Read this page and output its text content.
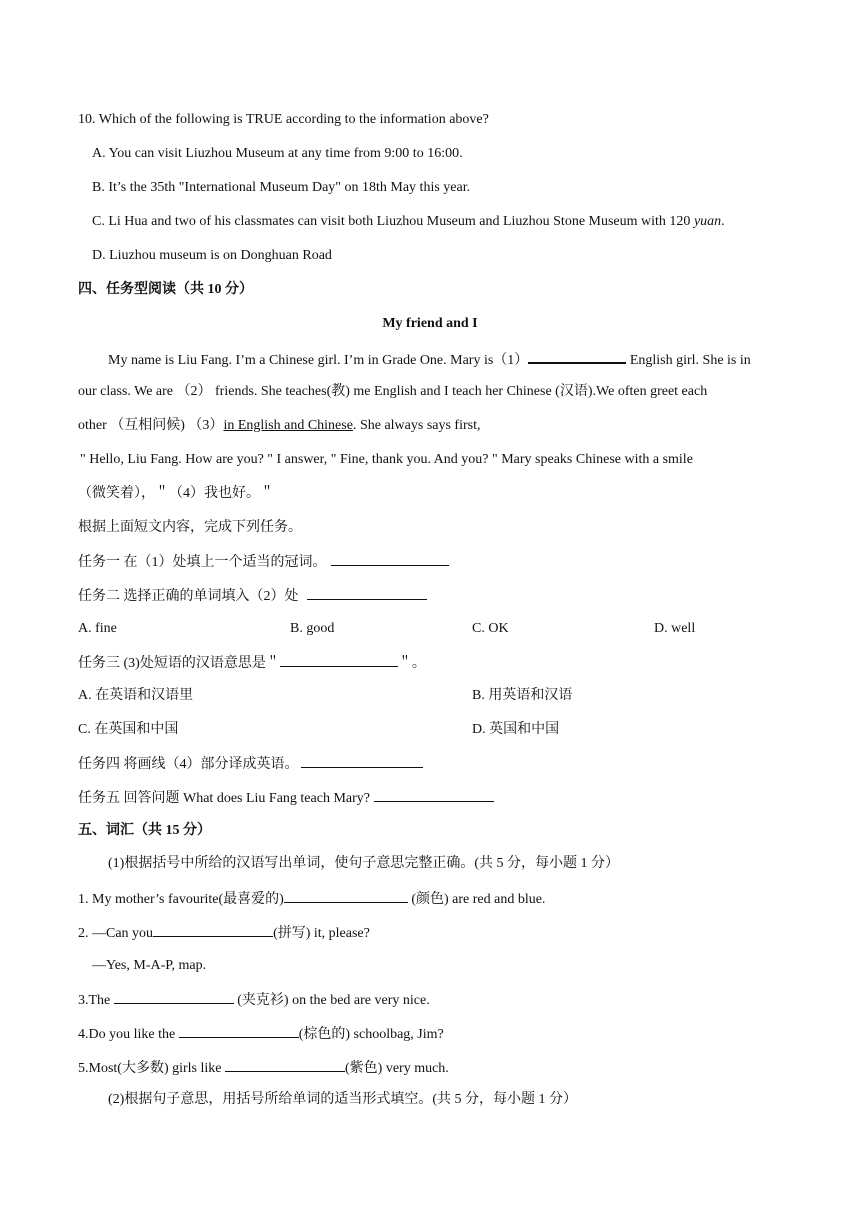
10. Which of the following is TRUE according to the information above?
A. You can visit Liuzhou Museum at any time from 9:00 to 16:00.
B. It’s the 35th "International Museum Day" on 18th May this year.
C. Li Hua and two of his classmates can visit both Liuzhou Museum and Liuzhou Stone Museum with 120 yuan.
D. Liuzhou museum is on Donghuan Road
四、任务型阅读（共 10 分）
My friend and I
My name is Liu Fang. I’m a Chinese girl. I’m in Grade One. Mary is（1）	English girl. She is in
our class. We are （2） friends. She teaches(教) me English and I teach her Chinese (汉语).We often greet each
other （互相问候) （3）in English and Chinese. She always says first,
" Hello, Liu Fang. How are you? " I answer, " Fine, thank you. And you? " Mary speaks Chinese with a smile
（微笑着），＂（4）我也好。＂
根据上面短文内容，完成下列任务。
任务一 在（1）处填上一个适当的冠词。
任务二 选择正确的单词填入（2）处
A. fine	B. good	C. OK	D. well
任务三 (3)处短语的汉语意思是＂	＂。
A. 在英语和汉语里	B. 用英语和汉语
C. 在英国和中国	D. 英国和中国
任务四 将画线（4）部分译成英语。
任务五 回答问题 What does Liu Fang teach Mary?
五、词汇（共 15 分）
(1)根据括号中所给的汉语写出单词，使句子意思完整正确。(共 5 分，每小题 1 分）
1. My mother’s favourite(最喜爱的)	(颜色) are red and blue.
2. —Can you	(拼写) it, please?
—Yes, M-A-P, map.
3.The	(夹克衫) on the bed are very nice.
4.Do you like the	(棕色的) schoolbag, Jim?
5.Most(大多数) girls like	(紫色) very much.
(2)根据句子意思，用括号所给单词的适当形式填空。(共 5 分，每小题 1 分）
